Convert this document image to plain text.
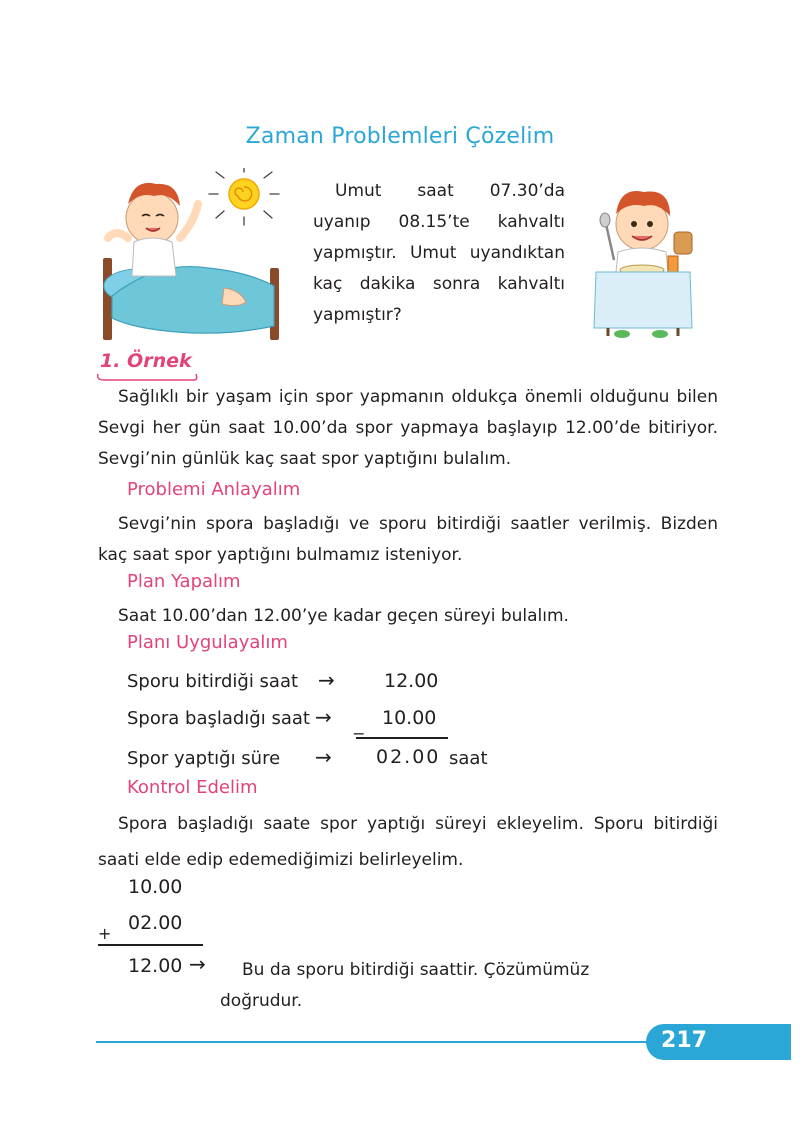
Zaman Problemleri Çözelim

Umut saat 07.30’da uyanıp 08.15’te kahvaltı yapmıştır. Umut uyandıktan kaç dakika sonra kahvaltı yapmıştır?

1. Örnek

Sağlıklı bir yaşam için spor yapmanın oldukça önemli olduğunu bilen Sevgi her gün saat 10.00’da spor yapmaya başlayıp 12.00’de bitiriyor. Sevgi’nin günlük kaç saat spor yaptığını bulalım.

Problemi Anlayalım

Sevgi’nin spora başladığı ve sporu bitirdiği saatler verilmiş. Bizden kaç saat spor yaptığını bulmamız isteniyor.

Plan Yapalım

Saat 10.00’dan 12.00’ye kadar geçen süreyi bulalım.

Planı Uygulayalım
Sporu bitirdiği saat →	12.00
Spora başladığı saat → _ 10.00
Spor yaptığı süre → 02.00 saat
Kontrol Edelim

Spora başladığı saate spor yaptığı süreyi ekleyelim. Sporu bitirdiği saati elde edip edemediğimizi belirleyelim.

10.00
+ 02.00
12.00 →	Bu da sporu bitirdiği saattir. Çözümümüz doğrudur.
217
